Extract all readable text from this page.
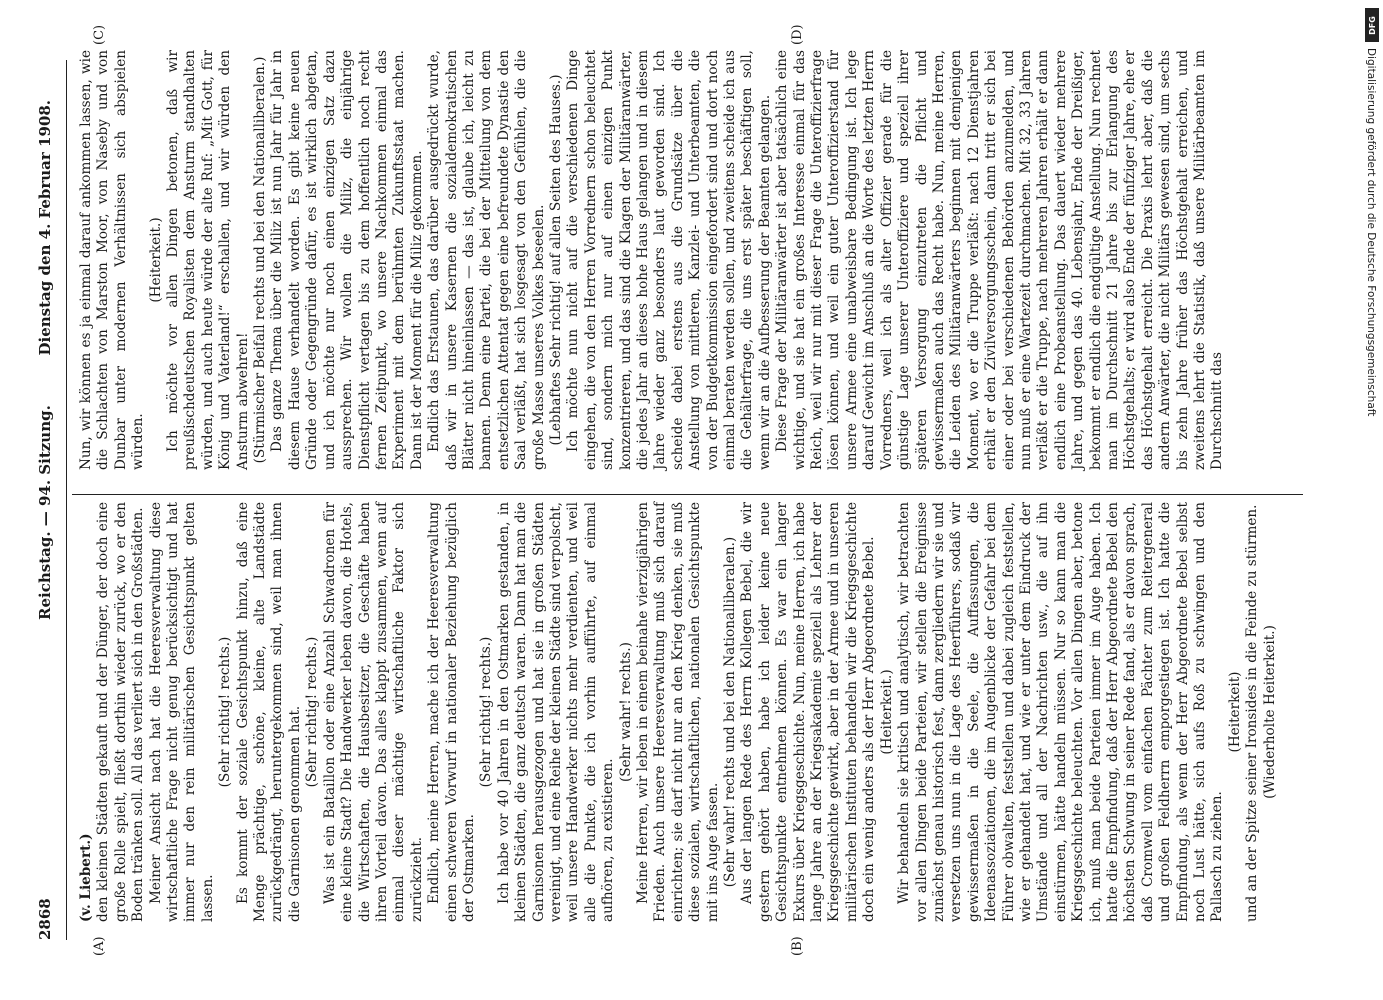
2868
Reichstag. — 94. Sitzung.
Dienstag den 4. Februar 1908.
(A)	(B)
(C)	(D)

(v. Liebert.) den kleinen Städten gekauft und der Dünger, der doch eine große Rolle spielt, fließt dorthin wieder zurück, wo er den Boden tränken soll. All das verliert sich in den Großstädten. Meiner Ansicht nach hat die Heeresverwaltung diese wirtschaftliche Frage nicht genug berücksichtigt und hat immer nur den rein militärischen Gesichtspunkt gelten lassen.

(Sehr richtig! rechts.) Es kommt der soziale Gesichtspunkt hinzu, daß eine Menge prächtige, schöne, kleine, alte Landstädte zurückgedrängt, heruntergekommen sind, weil man ihnen die Garnisonen genommen hat. (Sehr richtig! rechts.) Was ist ein Bataillon oder eine Anzahl Schwadronen für eine kleine Stadt? Die Handwerker leben davon, die Hotels, die Wirtschaften, die Hausbesitzer, die Geschäfte haben ihren Vorteil davon. Das alles klappt zusammen, wenn auf einmal dieser mächtige wirtschaftliche Faktor sich zurückzieht. Endlich, meine Herren, mache ich der Heeresverwaltung einen schweren Vorwurf in nationaler Beziehung bezüglich der Ostmarken.

(Sehr richtig! rechts.) Ich habe vor 40 Jahren in den Ostmarken gestanden, in kleinen Städten, die ganz deutsch waren. Dann hat man die Garnisonen herausgezogen und hat sie in großen Städten vereinigt, und eine Reihe der kleinen Städte sind verpolscht, weil unsere Handwerker nichts mehr verdienten, und weil alle die Punkte, die ich vorhin aufführte, auf einmal aufhören, zu existieren.

(Sehr wahr! rechts.) Meine Herren, wir leben in einem beinahe vierzigjährigen Frieden. Auch unsere Heeresverwaltung muß sich darauf einrichten; sie darf nicht nur an den Krieg denken, sie muß diese sozialen, wirtschaftlichen, nationalen Gesichtspunkte mit ins Auge fassen. (Sehr wahr! rechts und bei den Nationalliberalen.) Aus der langen Rede des Herrn Kollegen Bebel, die wir gestern gehört haben, habe ich leider keine neue Gesichtspunkte entnehmen können. Es war ein langer Exkurs über Kriegsgeschichte. Nun, meine Herren, ich habe lange Jahre an der Kriegsakademie speziell als Lehrer der Kriegsgeschichte gewirkt, aber in der Armee und in unseren militärischen Instituten behandeln wir die Kriegsgeschichte doch ein wenig anders als der Herr Abgeordnete Bebel. (Heiterkeit.) Wir behandeln sie kritisch und analytisch, wir betrachten vor allen Dingen beide Parteien, wir stellen die Ereignisse zunächst genau historisch fest, dann zergliedern wir sie und versetzen uns nun in die Lage des Heerführers, sodaß wir gewissermaßen in die Seele, die Auffassungen, die Ideenassoziationen, die im Augenblicke der Gefahr bei dem Führer obwalten, feststellen und dabei zugleich feststellen, wie er gehandelt hat, und wie er unter dem Eindruck der Umstände und all der Nachrichten usw., die auf ihn einstürmen, hätte handeln müssen. Nur so kann man die Kriegsgeschichte beleuchten. Vor allen Dingen aber, betone ich, muß man beide Parteien immer im Auge haben. Ich hatte die Empfindung, daß der Herr Abgeordnete Bebel den höchsten Schwung in seiner Rede fand, als er davon sprach, daß Cromwell vom einfachen Pächter zum Reitergeneral und großen Feldherrn emporgestiegen ist. Ich hatte die Empfindung, als wenn der Herr Abgeordnete Bebel selbst noch Lust hätte, sich aufs Roß zu schwingen und den Pallasch zu ziehen.

(Heiterkeit) und an der Spitze seiner Ironsides in die Feinde zu stürmen. (Wiederholte Heiterkeit.)

Nun, wir können es ja einmal darauf ankommen lassen, wie die Schlachten von Marston Moor, von Naseby und von Dunbar unter modernen Verhältnissen sich abspielen würden.

(Heiterkeit.) Ich möchte vor allen Dingen betonen, daß wir preußischdeutschen Royalisten dem Ansturm standhalten würden, und auch heute würde der alte Ruf: „Mit Gott, für König und Vaterland!“ erschallen, und wir würden den Ansturm abwehren! (Stürmischer Beifall rechts und bei den Nationalliberalen.) Das ganze Thema über die Miliz ist nun Jahr für Jahr in diesem Hause verhandelt worden. Es gibt keine neuen Gründe oder Gegengründe dafür, es ist wirklich abgetan, und ich möchte nur noch einen einzigen Satz dazu aussprechen. Wir wollen die Miliz, die einjährige Dienstpflicht vertagen bis zu dem hoffentlich noch recht fernen Zeitpunkt, wo unsere Nachkommen einmal das Experiment mit dem berühmten Zukunftsstaat machen. Dann ist der Moment für die Miliz gekommen. Endlich das Erstaunen, das darüber ausgedrückt wurde, daß wir in unsere Kasernen die sozialdemokratischen Blätter nicht hineinlassen — das ist, glaube ich, leicht zu bannen. Denn eine Partei, die bei der Mitteilung von dem entsetzlichen Attentat gegen eine befreundete Dynastie den Saal verläßt, hat sich losgesagt von den Gefühlen, die die große Masse unseres Volkes beseelen. (Lebhaftes Sehr richtig! auf allen Seiten des Hauses.) Ich möchte nun nicht auf die verschiedenen Dinge eingehen, die von den Herren Vorrednern schon beleuchtet sind, sondern mich nur auf einen einzigen Punkt konzentrieren, und das sind die Klagen der Militäranwärter, die jedes Jahr an dieses hohe Haus gelangen und in diesem Jahre wieder ganz besonders laut geworden sind. Ich scheide dabei erstens aus die Grundsätze über die Anstellung von mittleren, Kanzlei- und Unterbeamten, die von der Budgetkommission eingefordert sind und dort noch einmal beraten werden sollen, und zweitens scheide ich aus die Gehälterfrage, die uns erst später beschäftigen soll, wenn wir an die Aufbesserung der Beamten gelangen. Diese Frage der Militäranwärter ist aber tatsächlich eine wichtige, und sie hat ein großes Interesse einmal für das Reich, weil wir nur mit dieser Frage die Unteroffizierfrage lösen können, und weil ein guter Unteroffizierstand für unsere Armee eine unabweisbare Bedingung ist. Ich lege darauf Gewicht im Anschluß an die Worte des letzten Herrn Vorredners, weil ich als alter Offizier gerade für die günstige Lage unserer Unteroffiziere und speziell ihrer späteren Versorgung einzutreten die Pflicht und gewissermaßen auch das Recht habe. Nun, meine Herren, die Leiden des Militäranwärters beginnen mit demjenigen Moment, wo er die Truppe verläßt: nach 12 Dienstjahren erhält er den Zivilversorgungsschein, dann tritt er sich bei einer oder bei verschiedenen Behörden anzumelden, und nun muß er eine Wartezeit durchmachen. Mit 32, 33 Jahren verläßt er die Truppe, nach mehreren Jahren erhält er dann endlich eine Probeanstellung. Das dauert wieder mehrere Jahre, und gegen das 40. Lebensjahr, Ende der Dreißiger, bekommt er endlich die endgültige Anstellung. Nun rechnet man im Durchschnitt 21 Jahre bis zur Erlangung des Höchstgehalts; er wird also Ende der fünfziger Jahre, ehe er das Höchstgehalt erreicht. Die Praxis lehrt aber, daß die andern Anwärter, die nicht Militärs gewesen sind, um sechs bis zehn Jahre früher das Höchstgehalt erreichen, und zweitens lehrt die Statistik, daß unsere Militärbeamten im Durchschnitt das

DFG
Digitalisierung gefördert durch die Deutsche Forschungsgemeinschaft
